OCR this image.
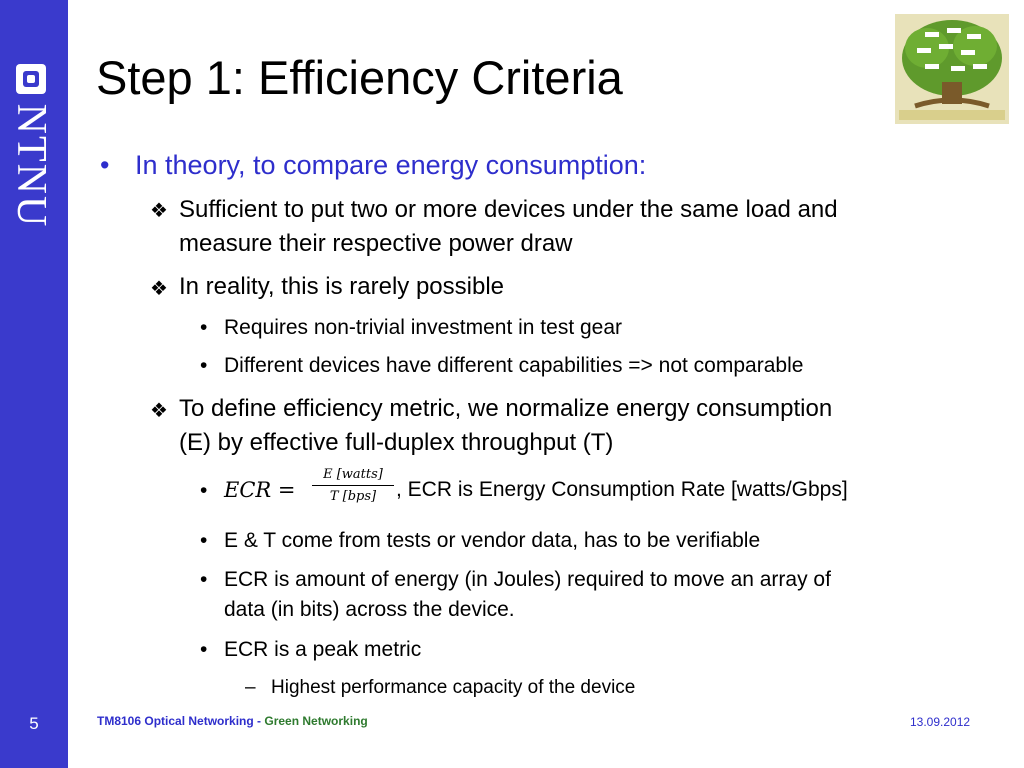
NTNU
5
Step 1: Efficiency Criteria
• In theory, to compare energy consumption:
❖ Sufficient to put two or more devices under the same load and
measure their respective power draw
❖ In reality, this is rarely possible
• Requires non-trivial investment in test gear
• Different devices have different capabilities => not comparable
❖ To define efficiency metric, we normalize energy consumption
(E) by effective full-duplex throughput (T)
• ECR =
E [watts]
T [bps] , ECR is Energy Consumption Rate [watts/Gbps]
• E & T come from tests or vendor data, has to be verifiable
• ECR is amount of energy (in Joules) required to move an array of
data (in bits) across the device.
• ECR is a peak metric
– Highest performance capacity of the device
TM8106 Optical Networking - Green Networking	13.09.2012
